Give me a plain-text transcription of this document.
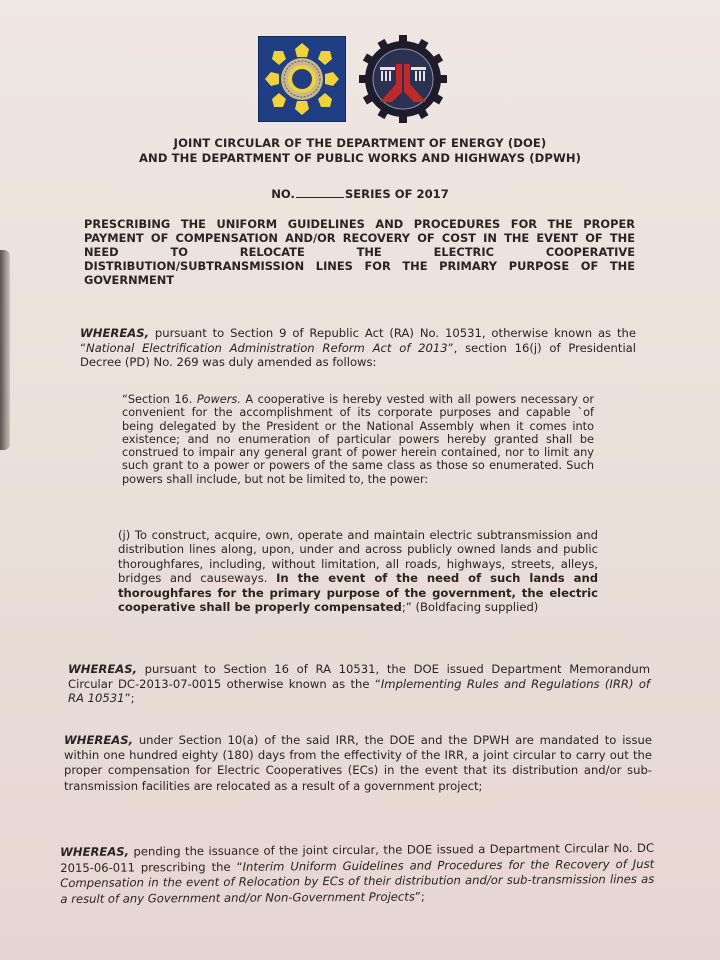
JOINT CIRCULAR OF THE DEPARTMENT OF ENERGY (DOE)
AND THE DEPARTMENT OF PUBLIC WORKS AND HIGHWAYS (DPWH)
NO.	SERIES OF 2017
PRESCRIBING THE UNIFORM GUIDELINES AND PROCEDURES FOR THE PROPER
PAYMENT OF COMPENSATION AND/OR RECOVERY OF COST IN THE EVENT OF THE
NEED	TO	RELOCATE	THE	ELECTRIC	COOPERATIVE
DISTRIBUTION/SUBTRANSMISSION LINES FOR THE PRIMARY PURPOSE OF THE
GOVERNMENT
WHEREAS, pursuant to Section 9 of Republic Act (RA) No. 10531, otherwise known as the “National Electrification Administration Reform Act of 2013”, section 16(j) of Presidential Decree (PD) No. 269 was duly amended as follows:
“Section 16. Powers. A cooperative is hereby vested with all powers necessary or convenient for the accomplishment of its corporate purposes and capable `of being delegated by the President or the National Assembly when it comes into existence; and no enumeration of particular powers hereby granted shall be construed to impair any general grant of power herein contained, nor to limit any such grant to a power or powers of the same class as those so enumerated. Such powers shall include, but not be limited to, the power:
(j) To construct, acquire, own, operate and maintain electric subtransmission and distribution lines along, upon, under and across publicly owned lands and public thoroughfares, including, without limitation, all roads, highways, streets, alleys, bridges and causeways. In the event of the need of such lands and thoroughfares for the primary purpose of the government, the electric cooperative shall be properly compensated;” (Boldfacing supplied)
WHEREAS, pursuant to Section 16 of RA 10531, the DOE issued Department Memorandum Circular DC-2013-07-0015 otherwise known as the “Implementing Rules and Regulations (IRR) of RA 10531”;
WHEREAS, under Section 10(a) of the said IRR, the DOE and the DPWH are mandated to issue within one hundred eighty (180) days from the effectivity of the IRR, a joint circular to carry out the proper compensation for Electric Cooperatives (ECs) in the event that its distribution and/or sub-transmission facilities are relocated as a result of a government project;
WHEREAS, pending the issuance of the joint circular, the DOE issued a Department Circular No. DC 2015-06-011 prescribing the “Interim Uniform Guidelines and Procedures for the Recovery of Just Compensation in the event of Relocation by ECs of their distribution and/or sub-transmission lines as a result of any Government and/or Non-Government Projects”;
